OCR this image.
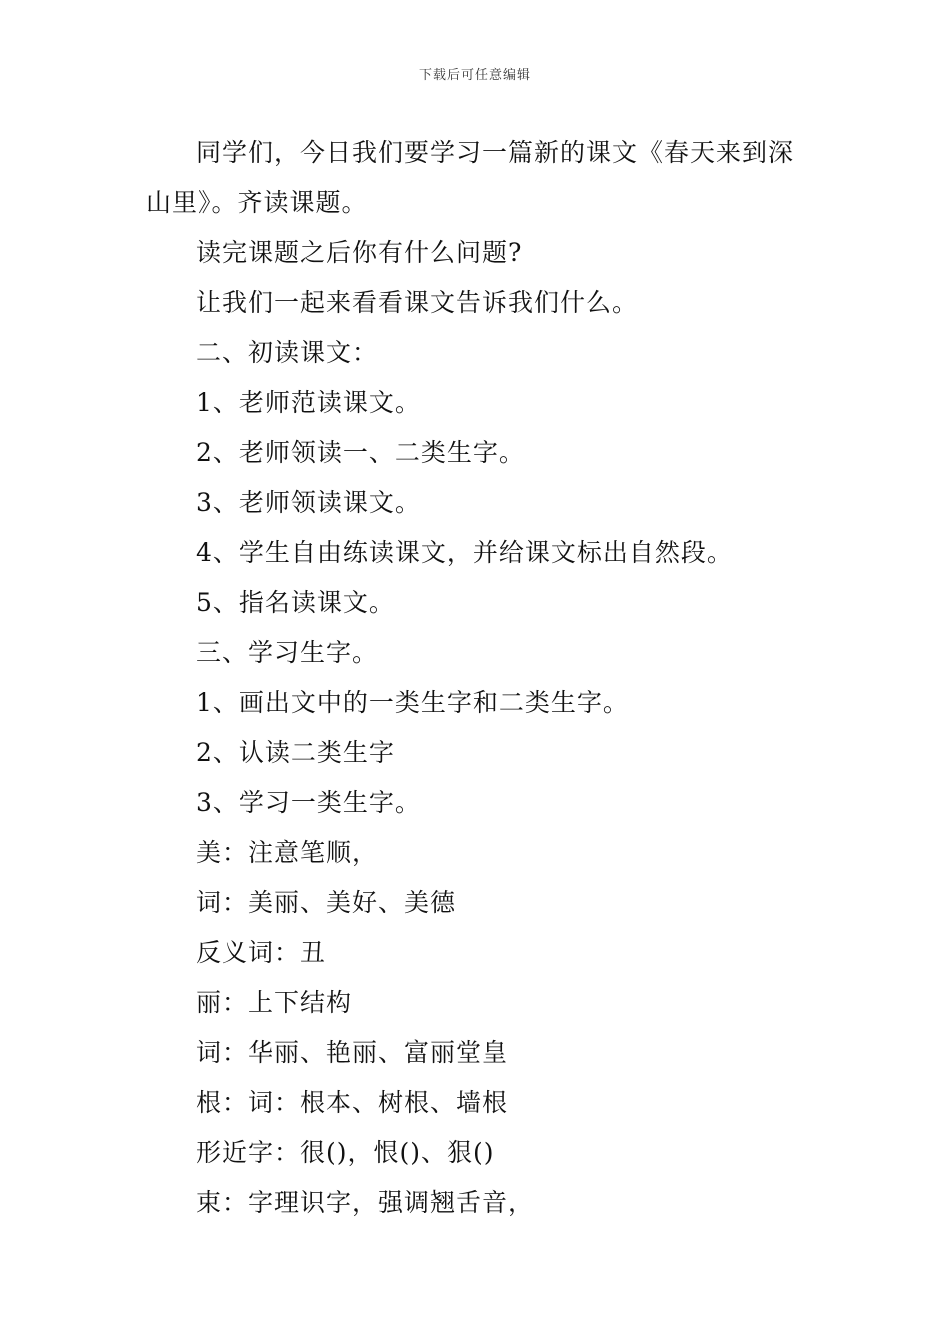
下载后可任意编辑

同学们，今日我们要学习一篇新的课文《春天来到深
山里》。齐读课题。

读完课题之后你有什么问题?

让我们一起来看看课文告诉我们什么。

二、初读课文：

1、老师范读课文。

2、老师领读一、二类生字。

3、老师领读课文。

4、学生自由练读课文，并给课文标出自然段。

5、指名读课文。

三、学习生字。

1、画出文中的一类生字和二类生字。

2、认读二类生字

3、学习一类生字。

美：注意笔顺，

词：美丽、美好、美德

反义词：丑

丽：上下结构

词：华丽、艳丽、富丽堂皇

根：词：根本、树根、墙根

形近字：很()，恨()、狠()

束：字理识字，强调翘舌音，
